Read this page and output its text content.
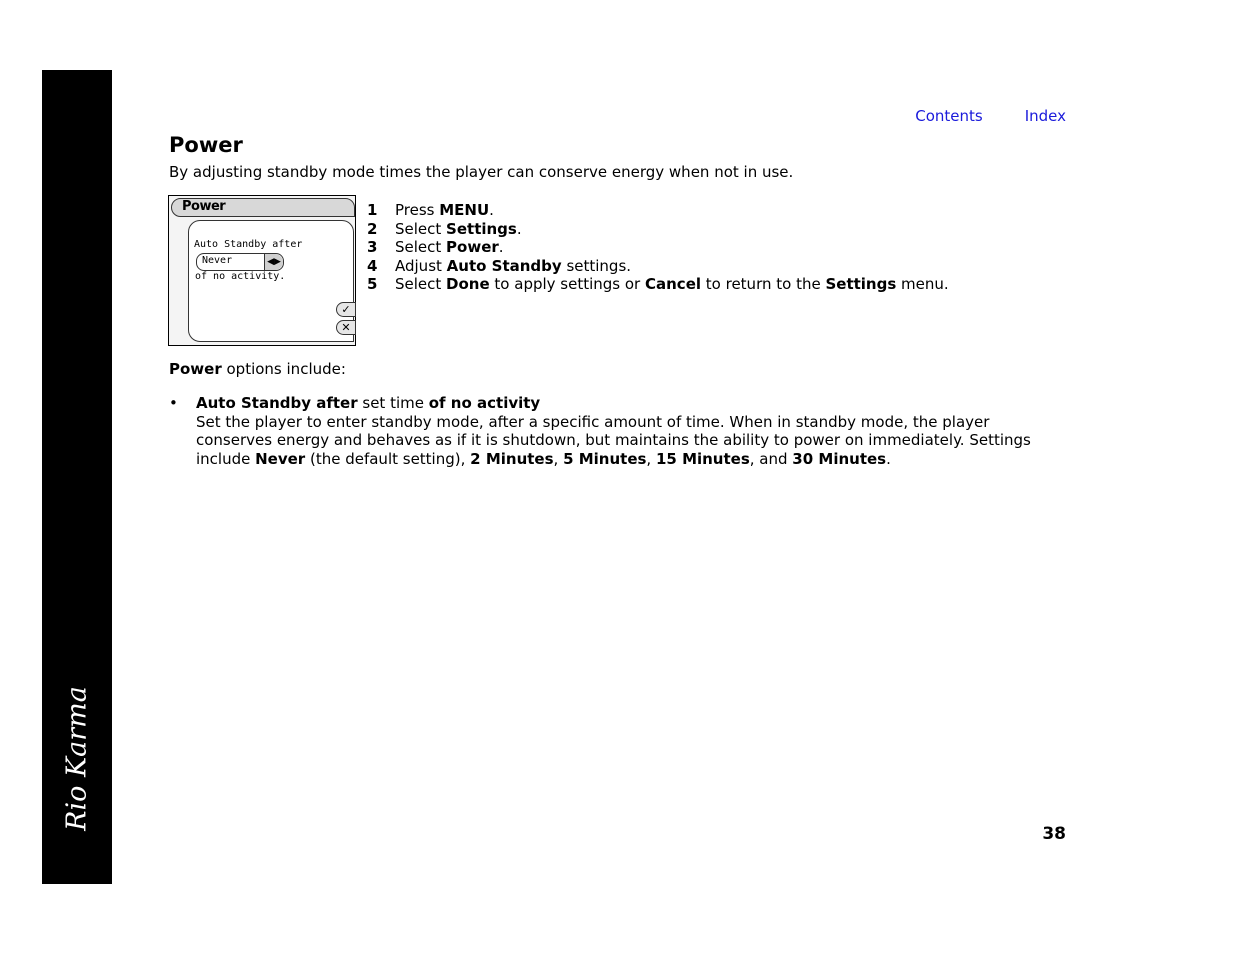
Rio Karma
Contents	Index
Power

By adjusting standby mode times the player can conserve energy when not in use.

Power
Auto Standby after
Never	◀▶
of no activity.
✓
✕
1 Press MENU.
2 Select Settings.
3 Select Power.
4 Adjust Auto Standby settings.
5 Select Done to apply settings or Cancel to return to the Settings menu.

Power options include:

• Auto Standby after set time of no activity
Set the player to enter standby mode, after a specific amount of time. When in standby mode, the player conserves energy and behaves as if it is shutdown, but maintains the ability to power on immediately. Settings include Never (the default setting), 2 Minutes, 5 Minutes, 15 Minutes, and 30 Minutes.
38
